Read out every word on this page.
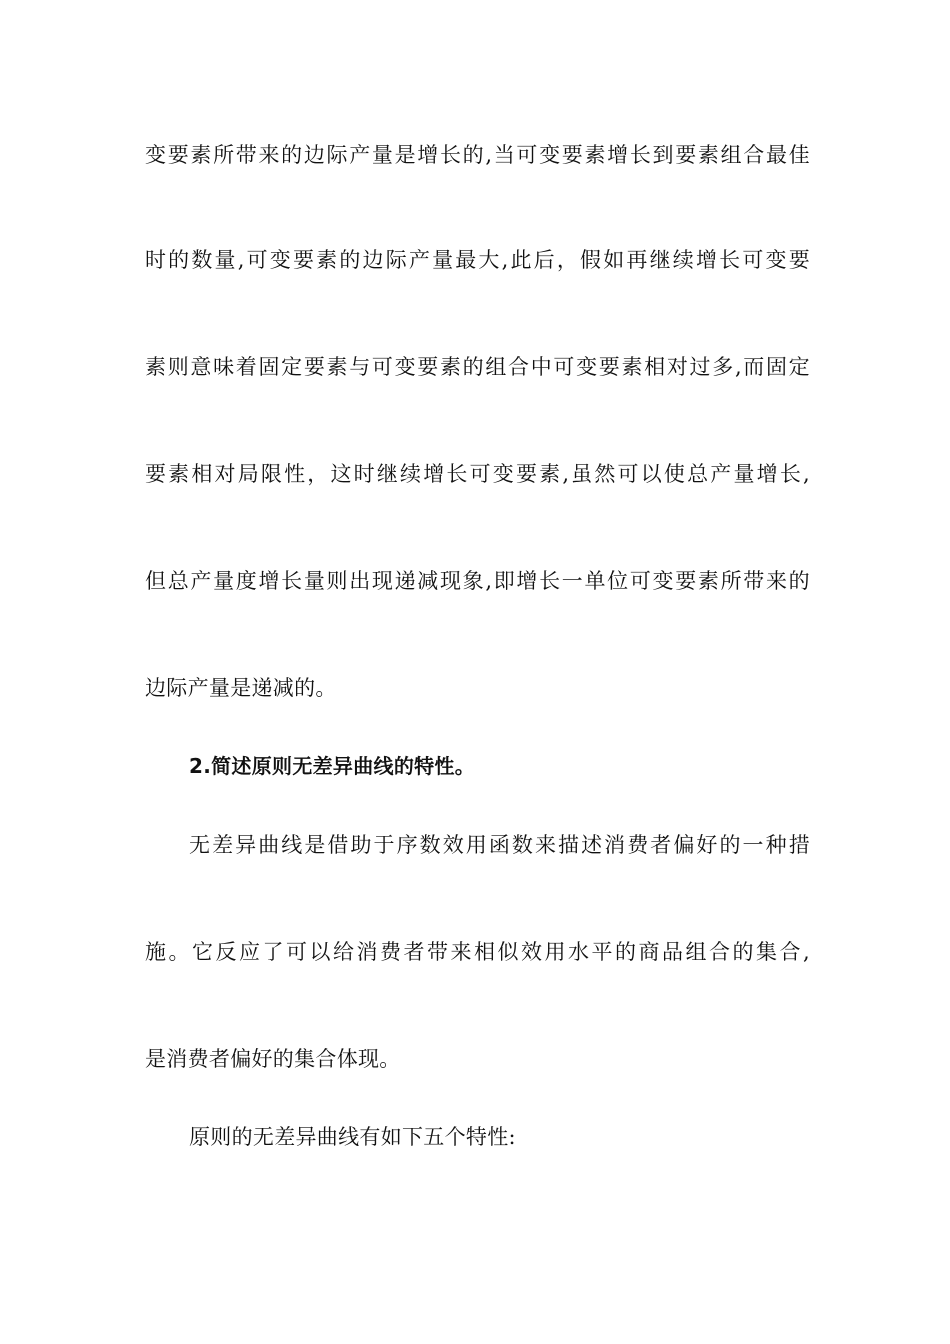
变要素所带来的边际产量是增长的,当可变要素增长到要素组合最佳
时的数量,可变要素的边际产量最大,此后，假如再继续增长可变要
素则意味着固定要素与可变要素的组合中可变要素相对过多,而固定
要素相对局限性，这时继续增长可变要素,虽然可以使总产量增长,
但总产量度增长量则出现递减现象,即增长一单位可变要素所带来的
边际产量是递减的。
2.简述原则无差异曲线的特性。
无差异曲线是借助于序数效用函数来描述消费者偏好的一种措
施。它反应了可以给消费者带来相似效用水平的商品组合的集合,
是消费者偏好的集合体现。
原则的无差异曲线有如下五个特性:
